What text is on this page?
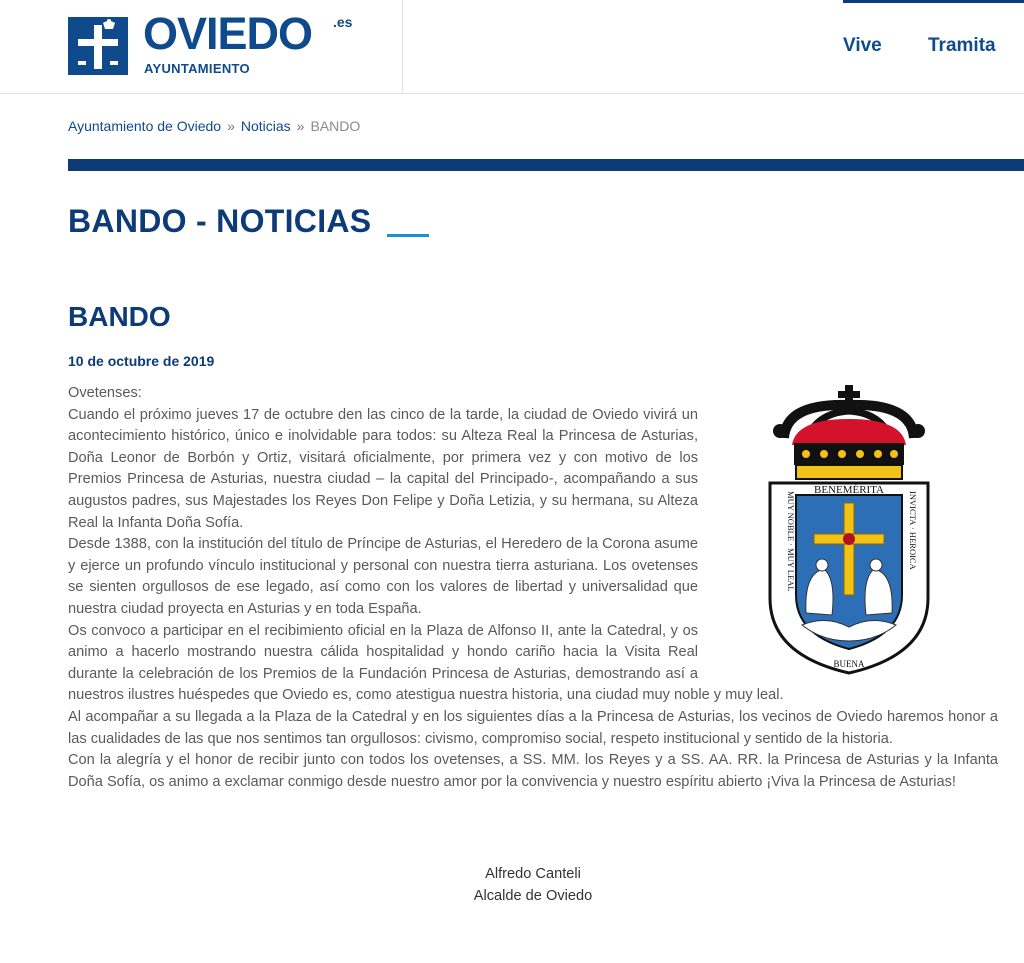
OVIEDO .es
AYUNTAMIENTO
Vive Tramita
Ayuntamiento de Oviedo » Noticias » BANDO
BANDO - NOTICIAS
BANDO
10 de octubre de 2019

Ovetenses:

Cuando el próximo jueves 17 de octubre den las cinco de la tarde, la ciudad de Oviedo vivirá un acontecimiento histórico, único e inolvidable para todos: su Alteza Real la Princesa de Asturias, Doña Leonor de Borbón y Ortiz, visitará oficialmente, por primera vez y con motivo de los Premios Princesa de Asturias, nuestra ciudad – la capital del Principado-, acompañando a sus augustos padres, sus Majestades los Reyes Don Felipe y Doña Letizia, y su hermana, su Alteza Real la Infanta Doña Sofía.

Desde 1388, con la institución del título de Príncipe de Asturias, el Heredero de la Corona asume y ejerce un profundo vínculo institucional y personal con nuestra tierra asturiana. Los ovetenses se sienten orgullosos de ese legado, así como con los valores de libertad y universalidad que nuestra ciudad proyecta en Asturias y en toda España.

Os convoco a participar en el recibimiento oficial en la Plaza de Alfonso II, ante la Catedral, y os animo a hacerlo mostrando nuestra cálida hospitalidad y hondo cariño hacia la Visita Real durante la celebración de los Premios de la Fundación Princesa de Asturias, demostrando así a nuestros ilustres huéspedes que Oviedo es, como atestigua nuestra historia, una ciudad muy noble y muy leal.

Al acompañar a su llegada a la Plaza de la Catedral y en los siguientes días a la Princesa de Asturias, los vecinos de Oviedo haremos honor a las cualidades de las que nos sentimos tan orgullosos: civismo, compromiso social, respeto institucional y sentido de la historia.

Con la alegría y el honor de recibir junto con todos los ovetenses, a SS. MM. los Reyes y a SS. AA. RR. la Princesa de Asturias y la Infanta Doña Sofía, os animo a exclamar conmigo desde nuestro amor por la convivencia y nuestro espíritu abierto ¡Viva la Princesa de Asturias!

BENEMÉRITA
MUY NOBLE · MUY LEAL
INVICTA · HEROICA
BUENA
Alfredo Canteli
Alcalde de Oviedo
